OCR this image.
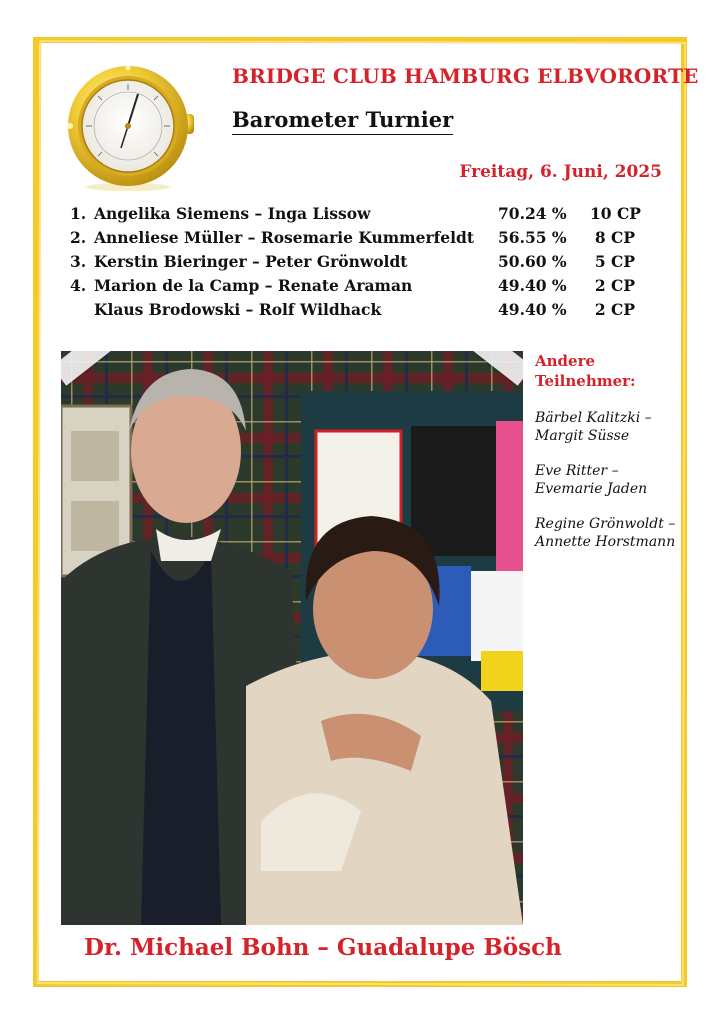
BRIDGE CLUB HAMBURG ELBVORORTE
Barometer Turnier
Freitag, 6. Juni, 2025
1. Angelika Siemens – Inga Lissow	70.24 % 10 CP
2. Anneliese Müller – Rosemarie Kummerfeldt 56.55 %	8 CP
3. Kerstin Bieringer – Peter Grönwoldt	50.60 %	5 CP
4. Marion de la Camp – Renate Araman	49.40 %	2 CP
Klaus Brodowski – Rolf Wildhack	49.40 %	2 CP
Andere
Teilnehmer:
Bärbel Kalitzki –
Margit Süsse
Eve Ritter –
Evemarie Jaden
Regine Grönwoldt –
Annette Horstmann
Dr. Michael Bohn – Guadalupe Bösch
